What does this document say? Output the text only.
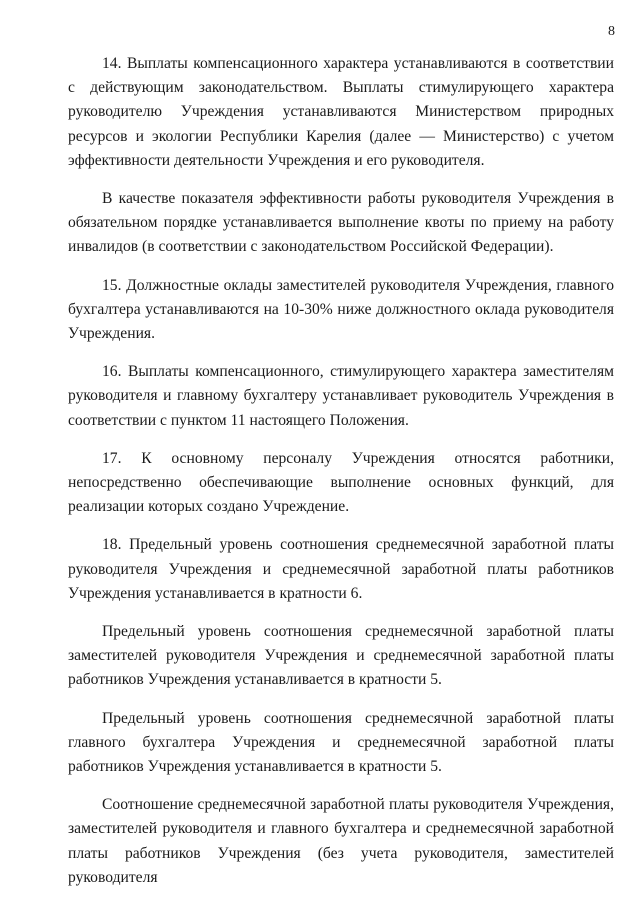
8

14. Выплаты компенсационного характера устанавливаются в соответствии с действующим законодательством. Выплаты стимулирующего характера руководителю Учреждения устанавливаются Министерством природных ресурсов и экологии Республики Карелия (далее — Министерство) с учетом эффективности деятельности Учреждения и его руководителя.

В качестве показателя эффективности работы руководителя Учреждения в обязательном порядке устанавливается выполнение квоты по приему на работу инвалидов (в соответствии с законодательством Российской Федерации).

15. Должностные оклады заместителей руководителя Учреждения, главного бухгалтера устанавливаются на 10-30% ниже должностного оклада руководителя Учреждения.

16. Выплаты компенсационного, стимулирующего характера заместителям руководителя и главному бухгалтеру устанавливает руководитель Учреждения в соответствии с пунктом 11 настоящего Положения.

17. К основному персоналу Учреждения относятся работники, непосредственно обеспечивающие выполнение основных функций, для реализации которых создано Учреждение.

18. Предельный уровень соотношения среднемесячной заработной платы руководителя Учреждения и среднемесячной заработной платы работников Учреждения устанавливается в кратности 6.

Предельный уровень соотношения среднемесячной заработной платы заместителей руководителя Учреждения и среднемесячной заработной платы работников Учреждения устанавливается в кратности 5.

Предельный уровень соотношения среднемесячной заработной платы главного бухгалтера Учреждения и среднемесячной заработной платы работников Учреждения устанавливается в кратности 5.

Соотношение среднемесячной заработной платы руководителя Учреждения, заместителей руководителя и главного бухгалтера и среднемесячной заработной платы работников Учреждения (без учета руководителя, заместителей руководителя
